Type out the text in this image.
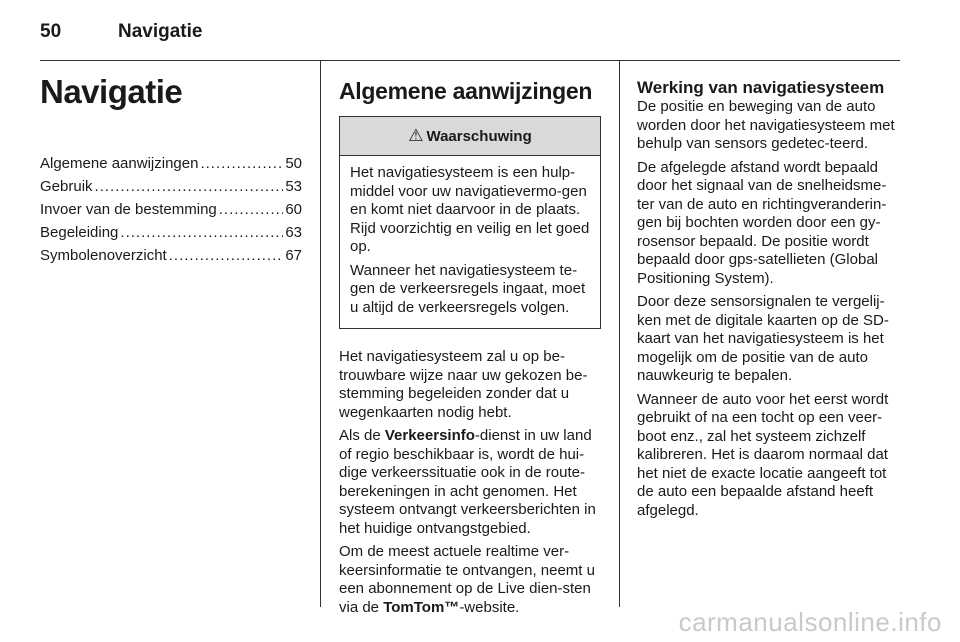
50	Navigatie
Navigatie
Algemene aanwijzingen .....	50
Gebruik .....	53
Invoer van de bestemming .....	60
Begeleiding .....	63
Symbolenoverzicht .....	67
Algemene aanwijzingen
⚠ Waarschuwing

Het navigatiesysteem is een hulp-middel voor uw navigatievermo-gen en komt niet daarvoor in de plaats. Rijd voorzichtig en veilig en let goed op.

Wanneer het navigatiesysteem te-gen de verkeersregels ingaat, moet u altijd de verkeersregels volgen.

Het navigatiesysteem zal u op be-trouwbare wijze naar uw gekozen be-stemming begeleiden zonder dat u wegenkaarten nodig hebt.

Als de Verkeersinfo-dienst in uw land of regio beschikbaar is, wordt de hui-dige verkeerssituatie ook in de route-berekeningen in acht genomen. Het systeem ontvangt verkeersberichten in het huidige ontvangstgebied.

Om de meest actuele realtime ver-keersinformatie te ontvangen, neemt u een abonnement op de Live dien-sten via de TomTom™-website.

Werking van navigatiesysteem

De positie en beweging van de auto worden door het navigatiesysteem met behulp van sensors gedetec-teerd.

De afgelegde afstand wordt bepaald door het signaal van de snelheidsme-ter van de auto en richtingveranderin-gen bij bochten worden door een gy-rosensor bepaald. De positie wordt bepaald door gps-satellieten (Global Positioning System).

Door deze sensorsignalen te vergelij-ken met de digitale kaarten op de SD-kaart van het navigatiesysteem is het mogelijk om de positie van de auto nauwkeurig te bepalen.

Wanneer de auto voor het eerst wordt gebruikt of na een tocht op een veer-boot enz., zal het systeem zichzelf kalibreren. Het is daarom normaal dat het niet de exacte locatie aangeeft tot de auto een bepaalde afstand heeft afgelegd.

carmanualsonline.info
